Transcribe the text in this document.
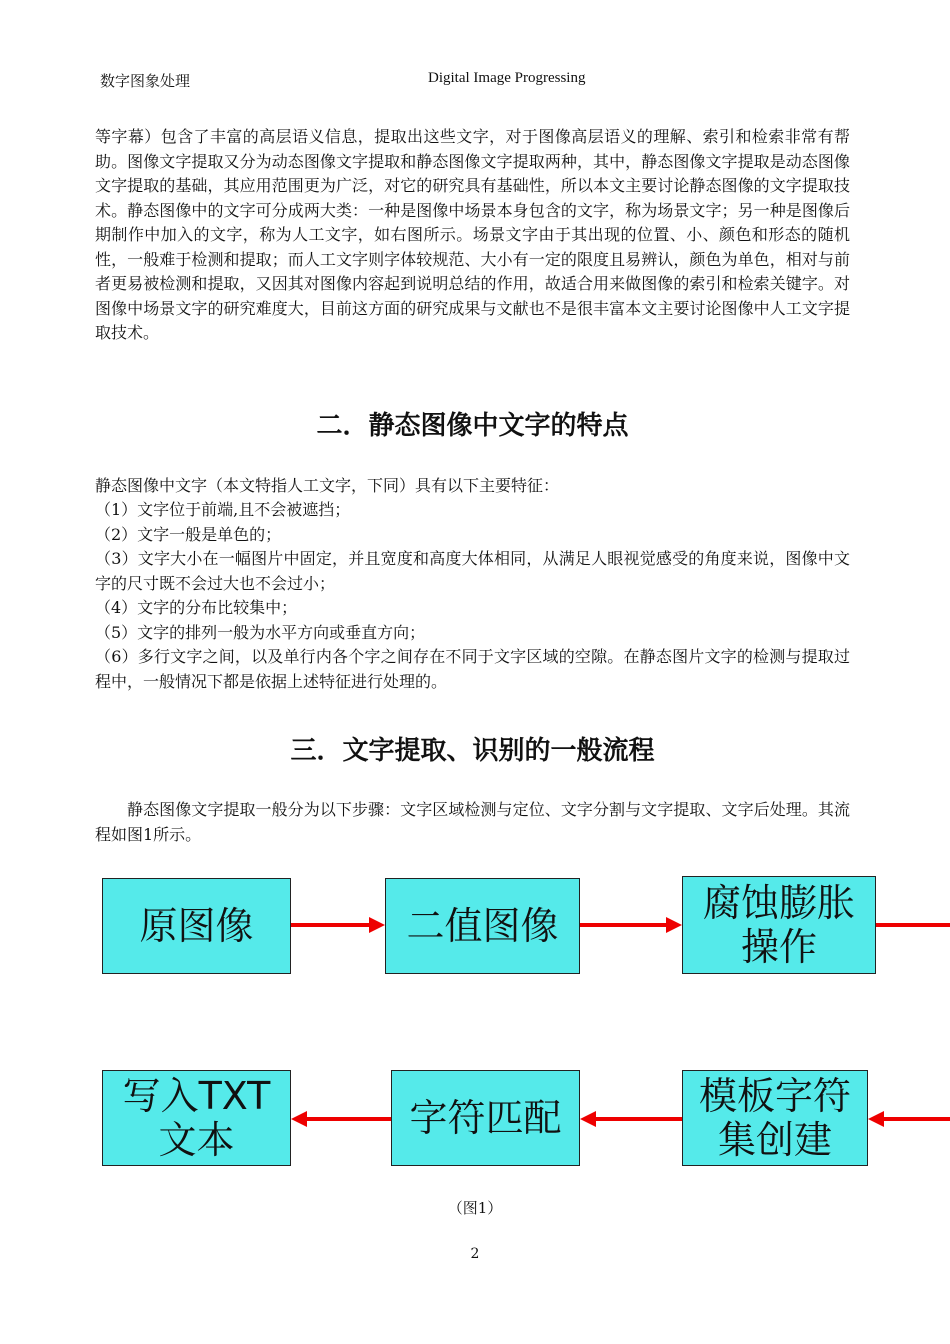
数字图象处理	Digital Image Progressing

等字幕）包含了丰富的高层语义信息，提取出这些文字，对于图像高层语义的理解、索引和检索非常有帮助。图像文字提取又分为动态图像文字提取和静态图像文字提取两种，其中，静态图像文字提取是动态图像文字提取的基础，其应用范围更为广泛，对它的研究具有基础性，所以本文主要讨论静态图像的文字提取技术。静态图像中的文字可分成两大类：一种是图像中场景本身包含的文字，称为场景文字；另一种是图像后期制作中加入的文字，称为人工文字，如右图所示。场景文字由于其出现的位置、小、颜色和形态的随机性，一般难于检测和提取；而人工文字则字体较规范、大小有一定的限度且易辨认，颜色为单色，相对与前者更易被检测和提取，又因其对图像内容起到说明总结的作用，故适合用来做图像的索引和检索关键字。对图像中场景文字的研究难度大，目前这方面的研究成果与文献也不是很丰富本文主要讨论图像中人工文字提取技术。

二．静态图像中文字的特点

静态图像中文字（本文特指人工文字，下同）具有以下主要特征：

（1）文字位于前端,且不会被遮挡；
（2）文字一般是单色的；
（3）文字大小在一幅图片中固定，并且宽度和高度大体相同，从满足人眼视觉感受的角度来说，图像中文字的尺寸既不会过大也不会过小；
（4）文字的分布比较集中；
（5）文字的排列一般为水平方向或垂直方向；
（6）多行文字之间，以及单行内各个字之间存在不同于文字区域的空隙。在静态图片文字的检测与提取过程中，一般情况下都是依据上述特征进行处理的。
三．文字提取、识别的一般流程

静态图像文字提取一般分为以下步骤：文字区域检测与定位、文字分割与文字提取、文字后处理。其流程如图1所示。

原图像	二值图像
腐蚀膨胀
操作
写入TXT
文本	字符匹配	模板字符
集创建
（图1）
2
